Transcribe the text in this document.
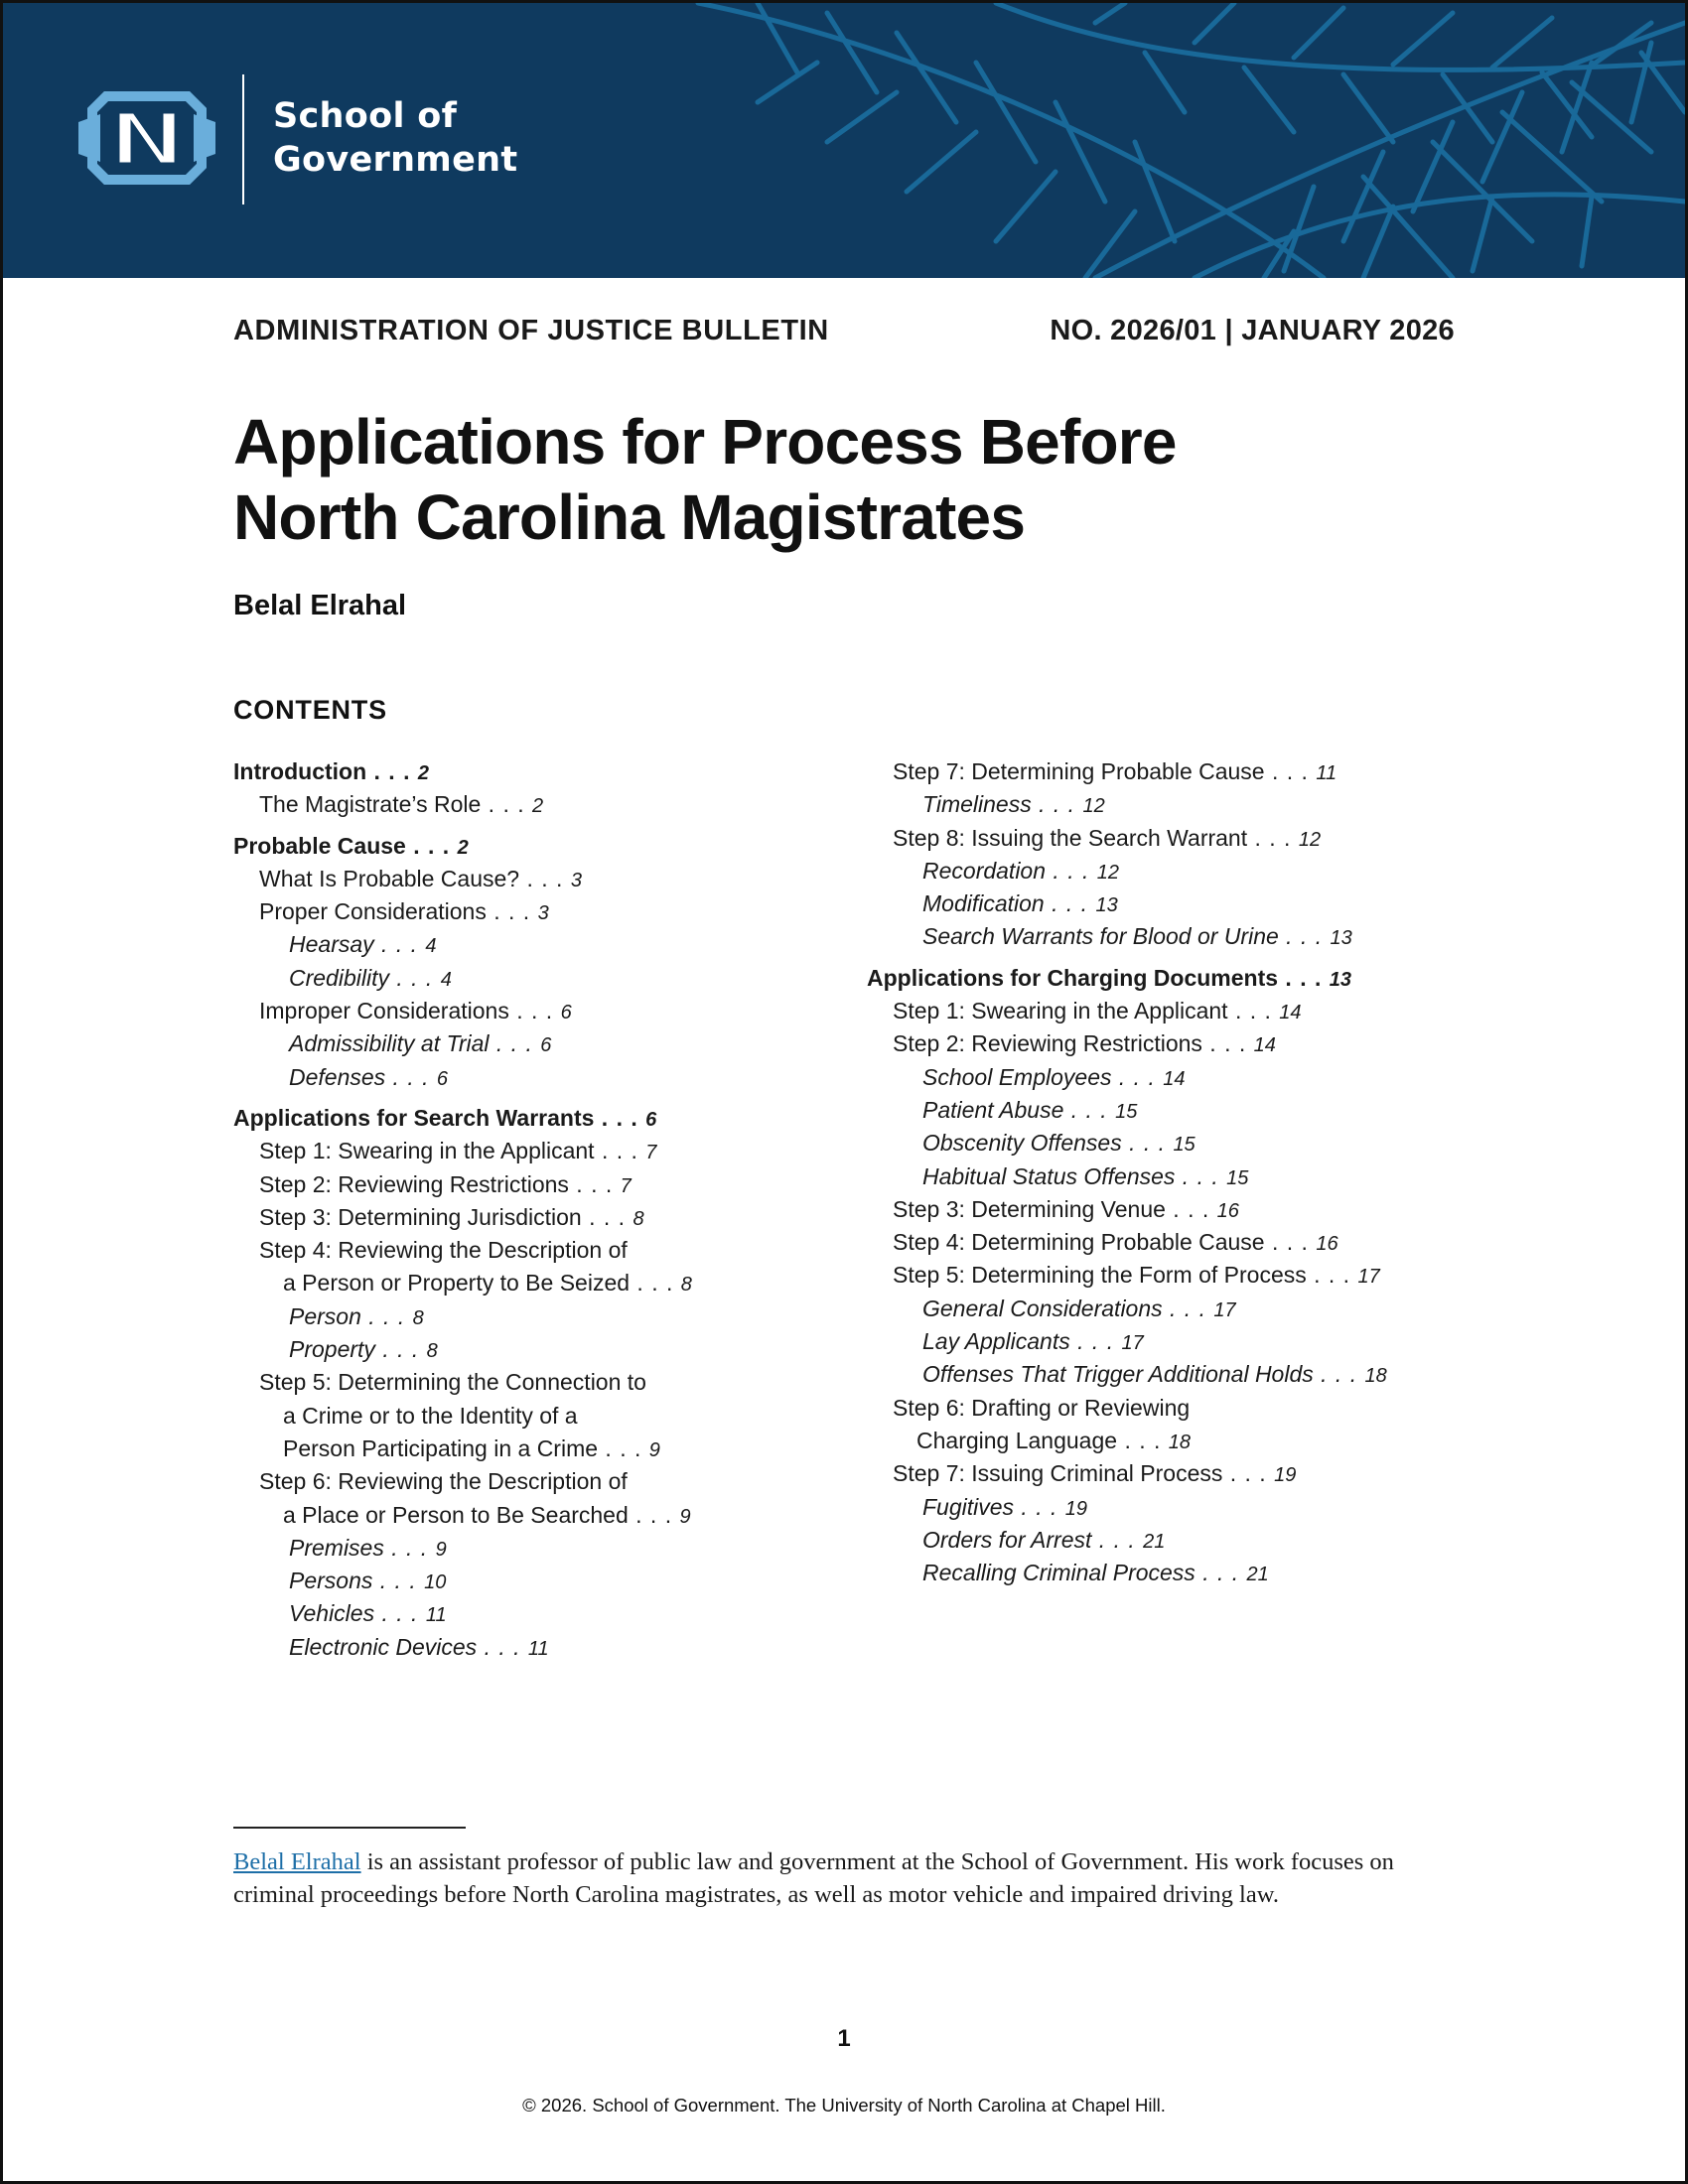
School of
Government
ADMINISTRATION OF JUSTICE BULLETIN	NO. 2026/01 | JANUARY 2026
Applications for Process Before
North Carolina Magistrates
Belal Elrahal
CONTENTS
Introduction . . . 2
The Magistrate’s Role . . . 2
Probable Cause . . . 2
What Is Probable Cause? . . . 3
Proper Considerations . . . 3
Hearsay . . . 4
Credibility . . . 4
Improper Considerations . . . 6
Admissibility at Trial . . . 6
Defenses . . . 6
Applications for Search Warrants . . . 6
Step 1: Swearing in the Applicant . . . 7
Step 2: Reviewing Restrictions . . . 7
Step 3: Determining Jurisdiction . . . 8
Step 4: Reviewing the Description of
a Person or Property to Be Seized . . . 8
Person . . . 8
Property . . . 8
Step 5: Determining the Connection to
a Crime or to the Identity of a
Person Participating in a Crime . . . 9
Step 6: Reviewing the Description of
a Place or Person to Be Searched . . . 9
Premises . . . 9
Persons . . . 10
Vehicles . . . 11
Electronic Devices . . . 11
Step 7: Determining Probable Cause . . . 11
Timeliness . . . 12
Step 8: Issuing the Search Warrant . . . 12
Recordation . . . 12
Modification . . . 13
Search Warrants for Blood or Urine . . . 13
Applications for Charging Documents . . . 13
Step 1: Swearing in the Applicant . . . 14
Step 2: Reviewing Restrictions . . . 14
School Employees . . . 14
Patient Abuse . . . 15
Obscenity Offenses . . . 15
Habitual Status Offenses . . . 15
Step 3: Determining Venue . . . 16
Step 4: Determining Probable Cause . . . 16
Step 5: Determining the Form of Process . . . 17
General Considerations . . . 17
Lay Applicants . . . 17
Offenses That Trigger Additional Holds . . . 18
Step 6: Drafting or Reviewing
Charging Language . . . 18
Step 7: Issuing Criminal Process . . . 19
Fugitives . . . 19
Orders for Arrest . . . 21
Recalling Criminal Process . . . 21
Belal Elrahal is an assistant professor of public law and government at the School of Government. His work focuses on criminal proceedings before North Carolina magistrates, as well as motor vehicle and impaired driving law.
1
© 2026. School of Government. The University of North Carolina at Chapel Hill.
